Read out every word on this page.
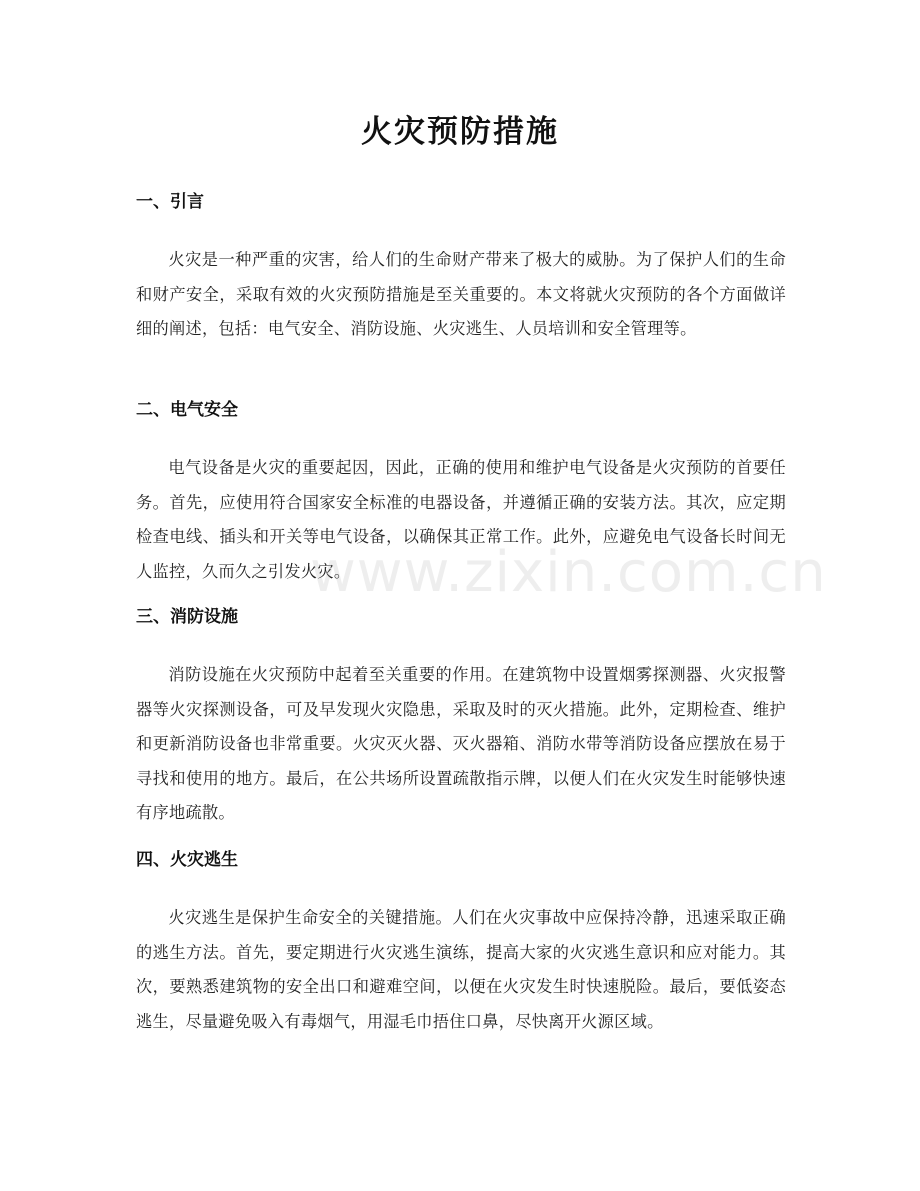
火灾预防措施
一、引言

火灾是一种严重的灾害，给人们的生命财产带来了极大的威胁。为了保护人们的生命和财产安全，采取有效的火灾预防措施是至关重要的。本文将就火灾预防的各个方面做详细的阐述，包括：电气安全、消防设施、火灾逃生、人员培训和安全管理等。

二、电气安全

电气设备是火灾的重要起因，因此，正确的使用和维护电气设备是火灾预防的首要任务。首先，应使用符合国家安全标准的电器设备，并遵循正确的安装方法。其次，应定期检查电线、插头和开关等电气设备，以确保其正常工作。此外，应避免电气设备长时间无人监控，久而久之引发火灾。

三、消防设施

消防设施在火灾预防中起着至关重要的作用。在建筑物中设置烟雾探测器、火灾报警器等火灾探测设备，可及早发现火灾隐患，采取及时的灭火措施。此外，定期检查、维护和更新消防设备也非常重要。火灾灭火器、灭火器箱、消防水带等消防设备应摆放在易于寻找和使用的地方。最后，在公共场所设置疏散指示牌，以便人们在火灾发生时能够快速有序地疏散。

四、火灾逃生

火灾逃生是保护生命安全的关键措施。人们在火灾事故中应保持冷静，迅速采取正确的逃生方法。首先，要定期进行火灾逃生演练，提高大家的火灾逃生意识和应对能力。其次，要熟悉建筑物的安全出口和避难空间，以便在火灾发生时快速脱险。最后，要低姿态逃生，尽量避免吸入有毒烟气，用湿毛巾捂住口鼻，尽快离开火源区域。

www.zixin.com.cn
